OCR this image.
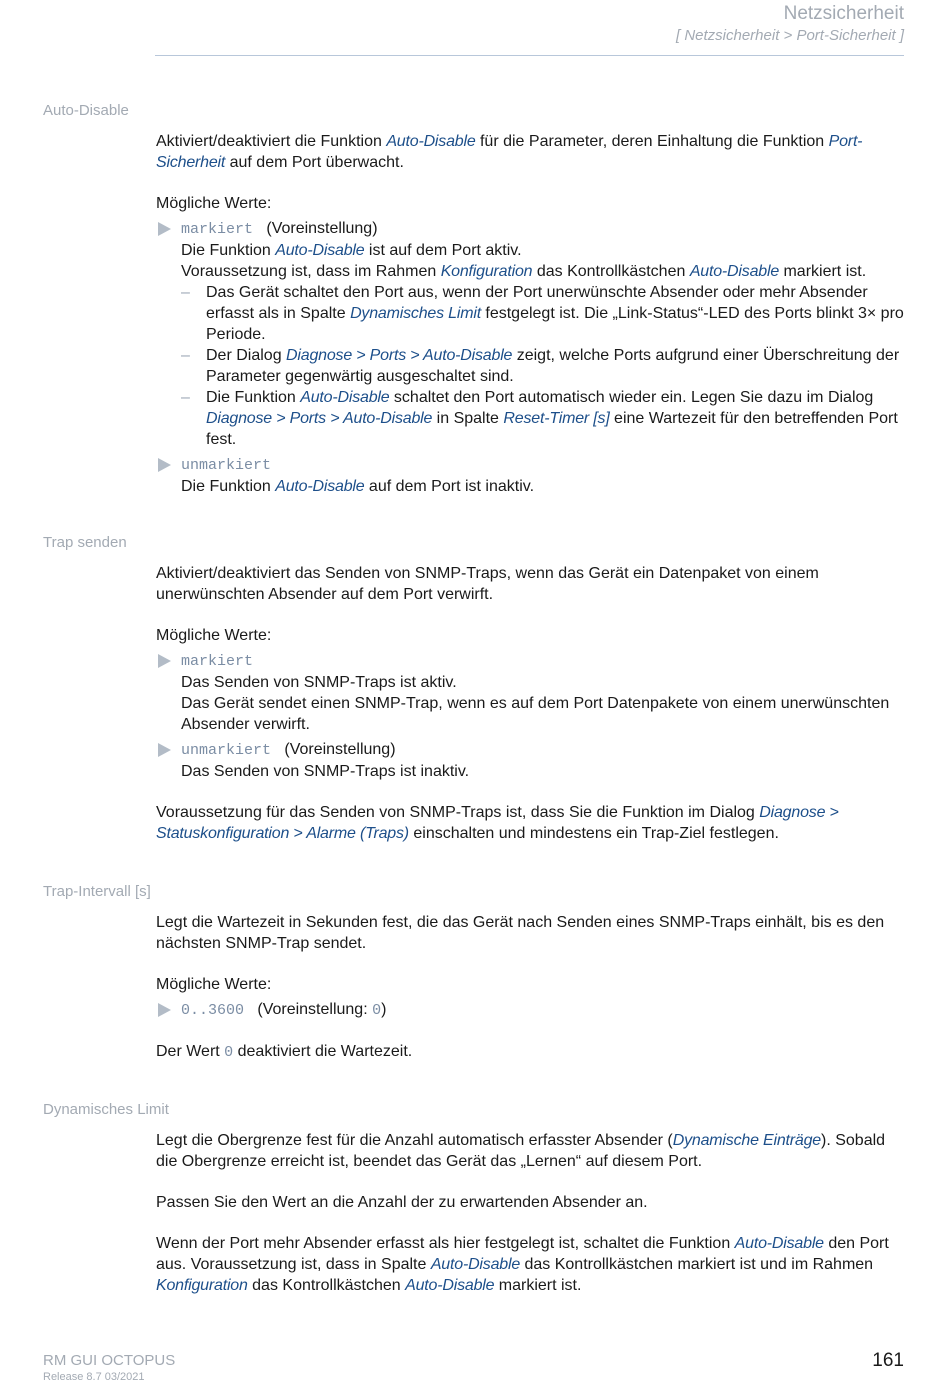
Netzsicherheit
[ Netzsicherheit > Port-Sicherheit ]
Auto-Disable

Aktiviert/deaktiviert die Funktion Auto-Disable für die Parameter, deren Einhaltung die Funktion Port-Sicherheit auf dem Port überwacht.

Mögliche Werte:

markiert (Voreinstellung)

Die Funktion Auto-Disable ist auf dem Port aktiv.

Voraussetzung ist, dass im Rahmen Konfiguration das Kontrollkästchen Auto-Disable markiert ist.

– Das Gerät schaltet den Port aus, wenn der Port unerwünschte Absender oder mehr Absender erfasst als in Spalte Dynamisches Limit festgelegt ist. Die „Link-Status“-LED des Ports blinkt 3× pro Periode.

– Der Dialog Diagnose > Ports > Auto-Disable zeigt, welche Ports aufgrund einer Überschreitung der Parameter gegenwärtig ausgeschaltet sind.

– Die Funktion Auto-Disable schaltet den Port automatisch wieder ein. Legen Sie dazu im Dialog Diagnose > Ports > Auto-Disable in Spalte Reset-Timer [s] eine Wartezeit für den betreffenden Port fest.

unmarkiert

Die Funktion Auto-Disable auf dem Port ist inaktiv.

Trap senden

Aktiviert/deaktiviert das Senden von SNMP-Traps, wenn das Gerät ein Datenpaket von einem unerwünschten Absender auf dem Port verwirft.

Mögliche Werte:

markiert

Das Senden von SNMP-Traps ist aktiv.

Das Gerät sendet einen SNMP-Trap, wenn es auf dem Port Datenpakete von einem unerwünschten Absender verwirft.

unmarkiert (Voreinstellung)

Das Senden von SNMP-Traps ist inaktiv.

Voraussetzung für das Senden von SNMP-Traps ist, dass Sie die Funktion im Dialog Diagnose > Statuskonfiguration > Alarme (Traps) einschalten und mindestens ein Trap-Ziel festlegen.

Trap-Intervall [s]

Legt die Wartezeit in Sekunden fest, die das Gerät nach Senden eines SNMP-Traps einhält, bis es den nächsten SNMP-Trap sendet.

Mögliche Werte:

0..3600 (Voreinstellung: 0)

Der Wert 0 deaktiviert die Wartezeit.

Dynamisches Limit

Legt die Obergrenze fest für die Anzahl automatisch erfasster Absender (Dynamische Einträge). Sobald die Obergrenze erreicht ist, beendet das Gerät das „Lernen“ auf diesem Port.

Passen Sie den Wert an die Anzahl der zu erwartenden Absender an.

Wenn der Port mehr Absender erfasst als hier festgelegt ist, schaltet die Funktion Auto-Disable den Port aus. Voraussetzung ist, dass in Spalte Auto-Disable das Kontrollkästchen markiert ist und im Rahmen Konfiguration das Kontrollkästchen Auto-Disable markiert ist.

RM GUI OCTOPUS
Release 8.7 03/2021
161
